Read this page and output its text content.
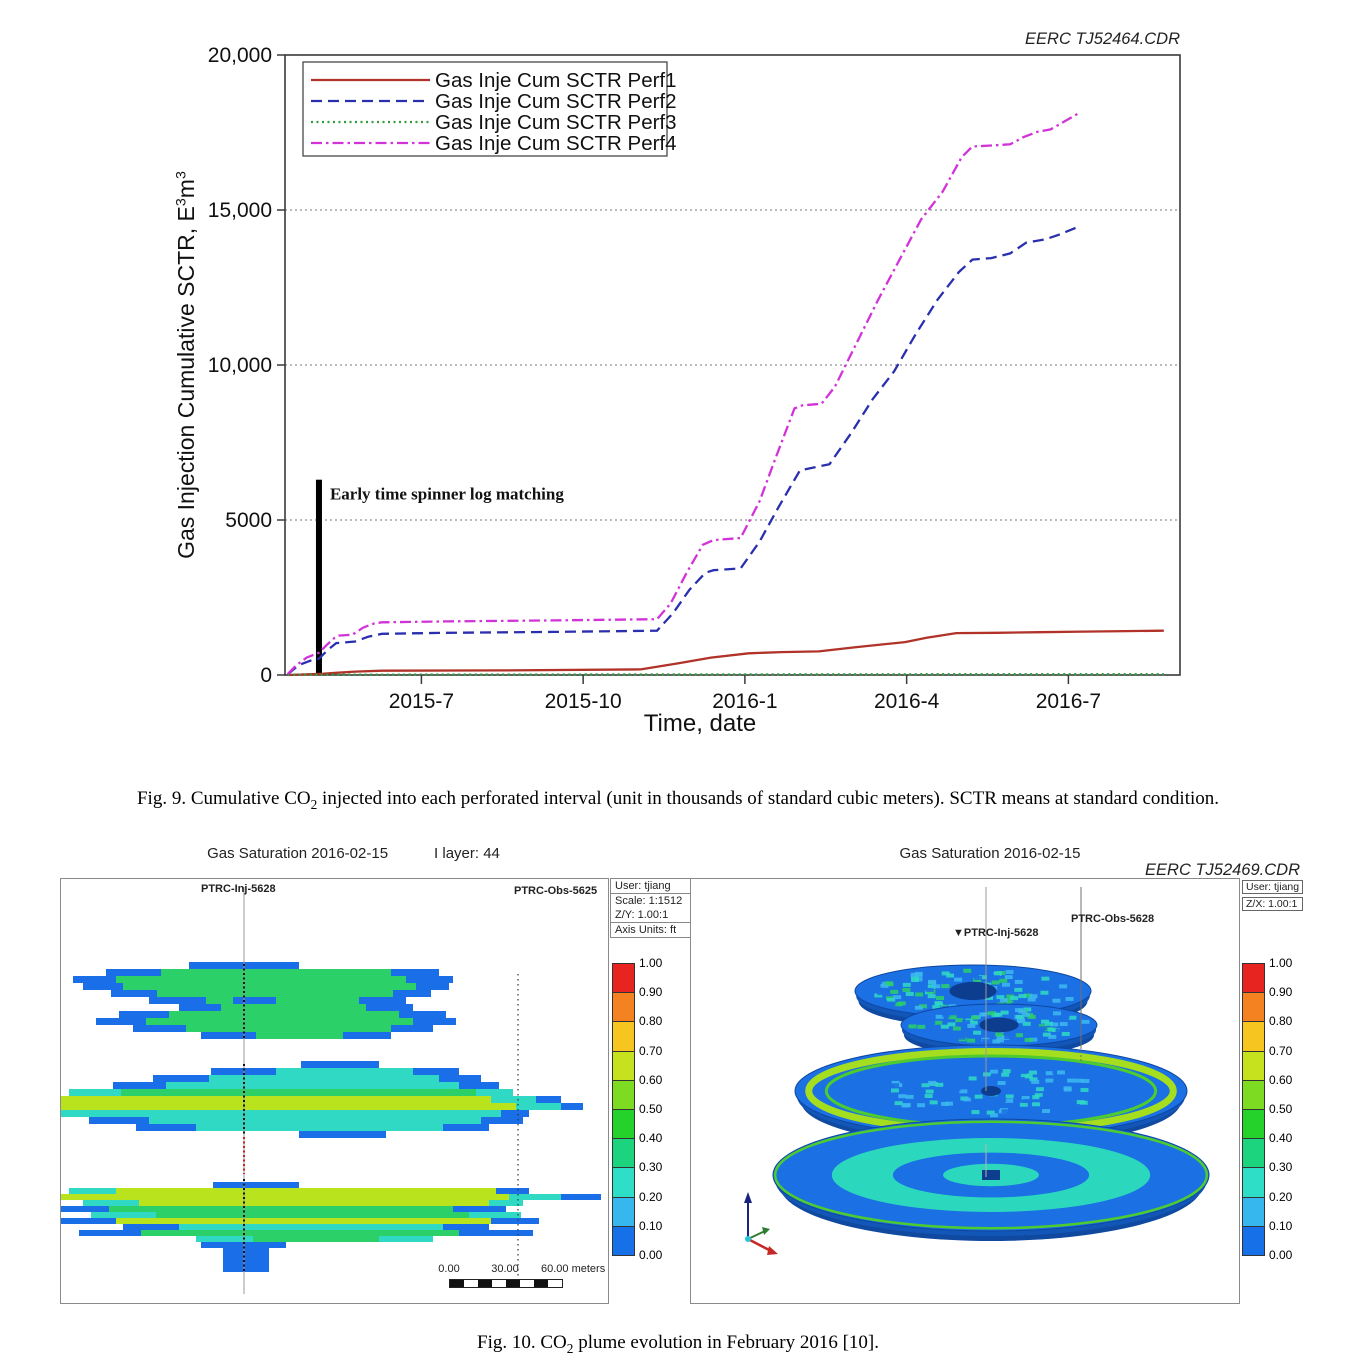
Early time spinner log matching
0
5000
10,000
15,000
20,000
2015-7	2015-10	2016-1	2016-4	2016-7
Gas Inje Cum SCTR Perf1
Gas Inje Cum SCTR Perf2
Gas Inje Cum SCTR Perf3
Gas Inje Cum SCTR Perf4
EERC TJ52464.CDR
Gas Injection Cumulative SCTR, $E^3m^3$
Time, date
Fig. 9. Cumulative $CO_2$ injected into each perforated interval (unit in thousands of standard cubic meters). SCTR means at standard condition.
Gas Saturation 2016-02-15	I layer: 44
PTRC-Inj-5628	PTRC-Obs-5625
0.00	30.00	60.00 meters
User: tjiang
Scale: 1:1512
Z/Y: 1.00:1
Axis Units: ft
1.00
0.90
0.80
0.70
0.60
0.50
0.40
0.30
0.20
0.10
0.00
Gas Saturation 2016-02-15
EERC TJ52469.CDR
▼PTRC-Inj-5628
PTRC-Obs-5628
User: tjiang
Z/X: 1.00:1
1.00
0.90
0.80
0.70
0.60
0.50
0.40
0.30
0.20
0.10
0.00
Fig. 10. $CO_2$ plume evolution in February 2016 [10].
